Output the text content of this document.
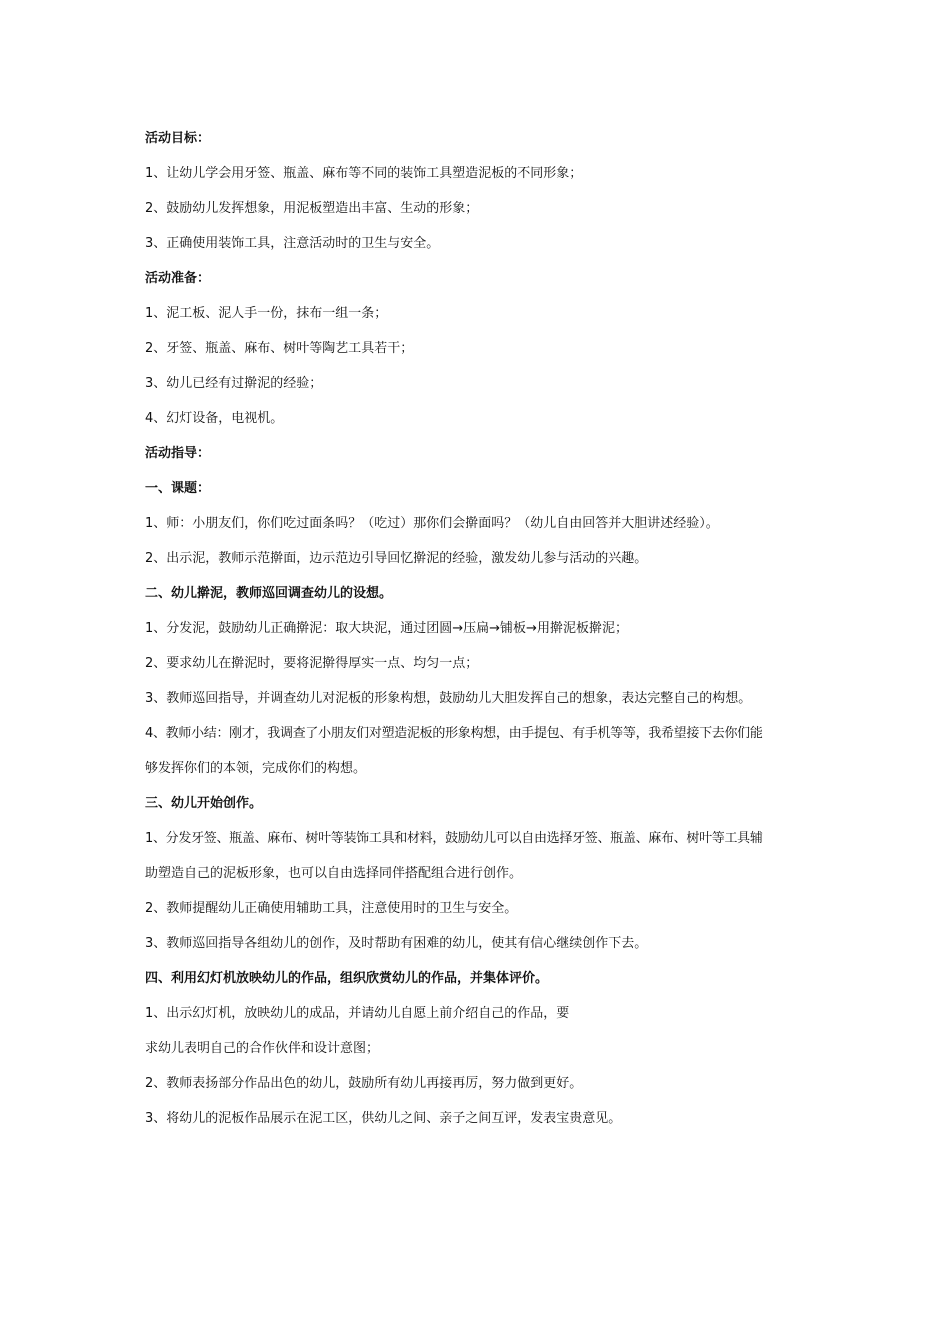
活动目标：
1、让幼儿学会用牙签、瓶盖、麻布等不同的装饰工具塑造泥板的不同形象；
2、鼓励幼儿发挥想象，用泥板塑造出丰富、生动的形象；
3、正确使用装饰工具，注意活动时的卫生与安全。
活动准备：
1、泥工板、泥人手一份，抹布一组一条；
2、牙签、瓶盖、麻布、树叶等陶艺工具若干；
3、幼儿已经有过擀泥的经验；
4、幻灯设备，电视机。
活动指导：
一、课题：
1、师：小朋友们，你们吃过面条吗？（吃过）那你们会擀面吗？（幼儿自由回答并大胆讲述经验）。
2、出示泥，教师示范擀面，边示范边引导回忆擀泥的经验，激发幼儿参与活动的兴趣。
二、幼儿擀泥，教师巡回调查幼儿的设想。
1、分发泥，鼓励幼儿正确擀泥：取大块泥，通过团圆→压扁→铺板→用擀泥板擀泥；
2、要求幼儿在擀泥时，要将泥擀得厚实一点、均匀一点；
3、教师巡回指导，并调查幼儿对泥板的形象构想，鼓励幼儿大胆发挥自己的想象，表达完整自己的构想。
4、教师小结：刚才，我调查了小朋友们对塑造泥板的形象构想，由手提包、有手机等等，我希望接下去你们能
够发挥你们的本领，完成你们的构想。
三、幼儿开始创作。
1、分发牙签、瓶盖、麻布、树叶等装饰工具和材料，鼓励幼儿可以自由选择牙签、瓶盖、麻布、树叶等工具辅
助塑造自己的泥板形象，也可以自由选择同伴搭配组合进行创作。
2、教师提醒幼儿正确使用辅助工具，注意使用时的卫生与安全。
3、教师巡回指导各组幼儿的创作，及时帮助有困难的幼儿，使其有信心继续创作下去。
四、利用幻灯机放映幼儿的作品，组织欣赏幼儿的作品，并集体评价。
1、出示幻灯机，放映幼儿的成品，并请幼儿自愿上前介绍自己的作品，要
求幼儿表明自己的合作伙伴和设计意图；
2、教师表扬部分作品出色的幼儿，鼓励所有幼儿再接再厉，努力做到更好。
3、将幼儿的泥板作品展示在泥工区，供幼儿之间、亲子之间互评，发表宝贵意见。
